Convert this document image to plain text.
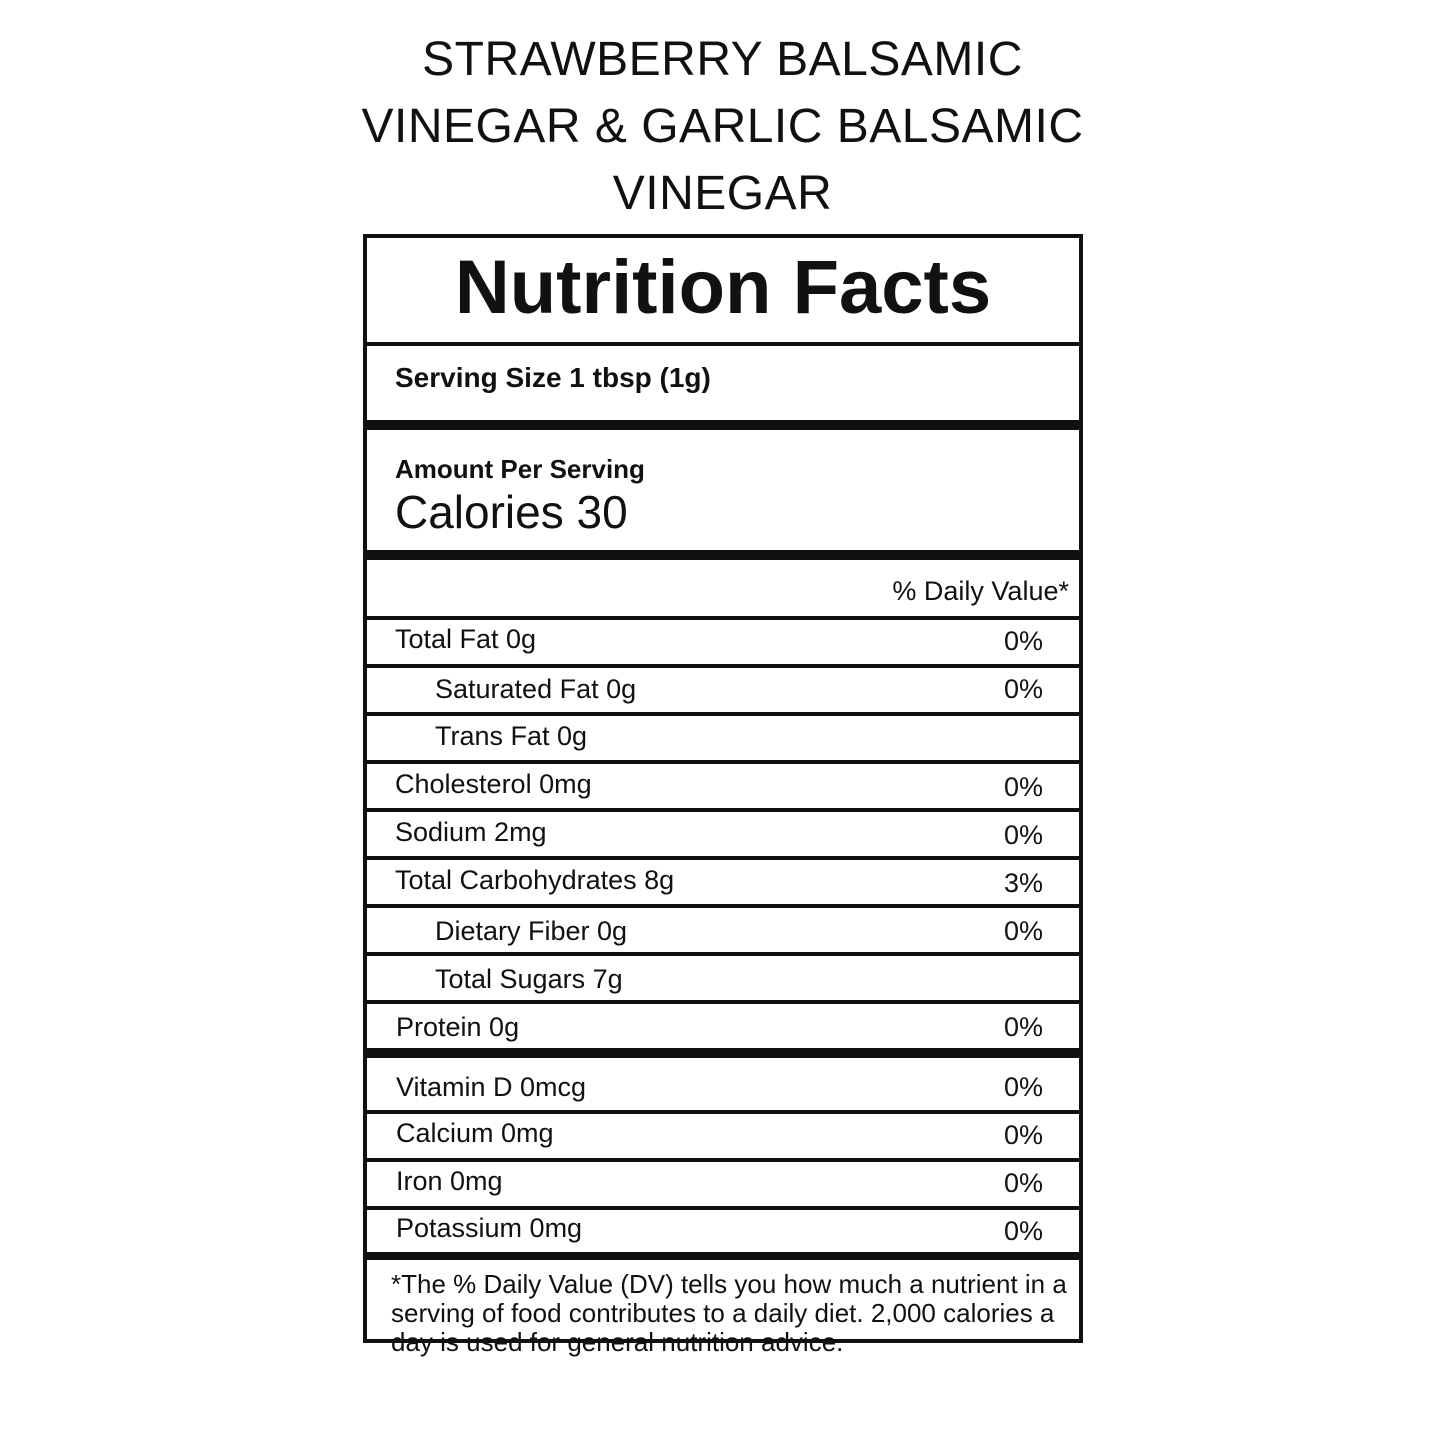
STRAWBERRY BALSAMIC
VINEGAR & GARLIC BALSAMIC
VINEGAR
Nutrition Facts
Serving Size 1 tbsp (1g)
Amount Per Serving
Calories 30
% Daily Value*
Total Fat 0g	0%
Saturated Fat 0g	0%
Trans Fat 0g
Cholesterol 0mg	0%
Sodium 2mg	0%
Total Carbohydrates 8g	3%
Dietary Fiber 0g	0%
Total Sugars 7g
Protein 0g	0%
Vitamin D 0mcg	0%
Calcium 0mg	0%
Iron 0mg	0%
Potassium 0mg	0%
*The % Daily Value (DV) tells you how much a nutrient in a serving of food contributes to a daily diet. 2,000 calories a day is used for general nutrition advice.
